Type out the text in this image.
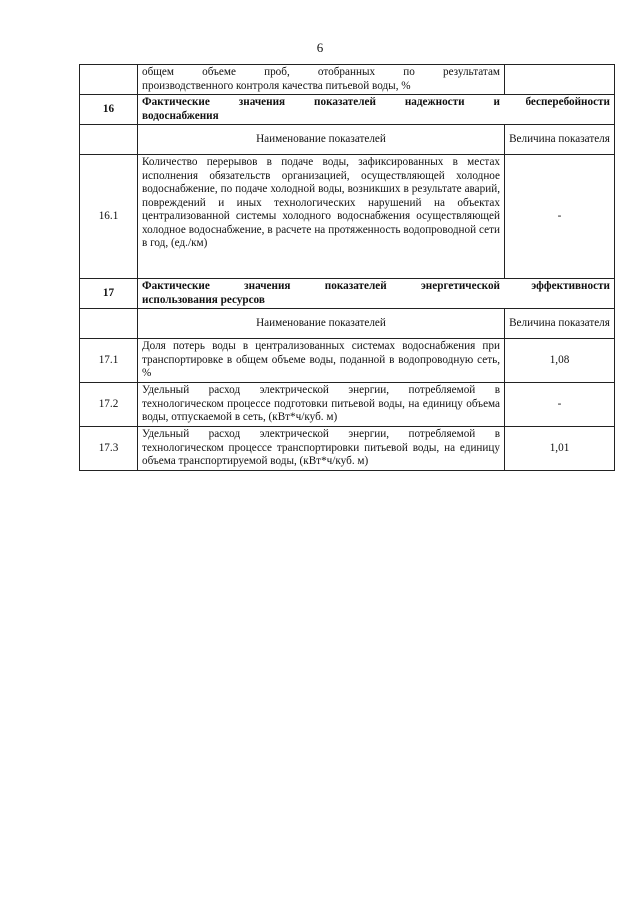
6

	общем объеме проб, отобранных по результатам
производственного контроля качества питьевой воды, %	

16	Фактические значения показателей надежности и бесперебойности
водоснабжения	

	Наименование показателей	Величина показателя
16.1	Количество перерывов в подаче воды, зафиксированных в местах исполнения обязательств организацией, осуществляющей холодное водоснабжение, по подаче холодной воды, возникших в результате аварий, повреждений и иных технологических нарушений на объектах централизованной системы холодного водоснабжения осуществляющей холодное водоснабжение, в расчете на протяженность водопроводной сети в год, (ед./км)	-
17	Фактические значения показателей энергетической эффективности
использования ресурсов	

	Наименование показателей	Величина показателя
17.1	Доля потерь воды в централизованных системах водоснабжения при транспортировке в общем объеме воды, поданной в водопроводную сеть, %	1,08
17.2	Удельный расход электрической энергии, потребляемой в технологическом процессе подготовки питьевой воды, на единицу объема воды, отпускаемой в сеть, (кВт*ч/куб. м)	-
17.3	Удельный расход электрической энергии, потребляемой в технологическом процессе транспортировки питьевой воды, на единицу объема транспортируемой воды, (кВт*ч/куб. м)	1,01
